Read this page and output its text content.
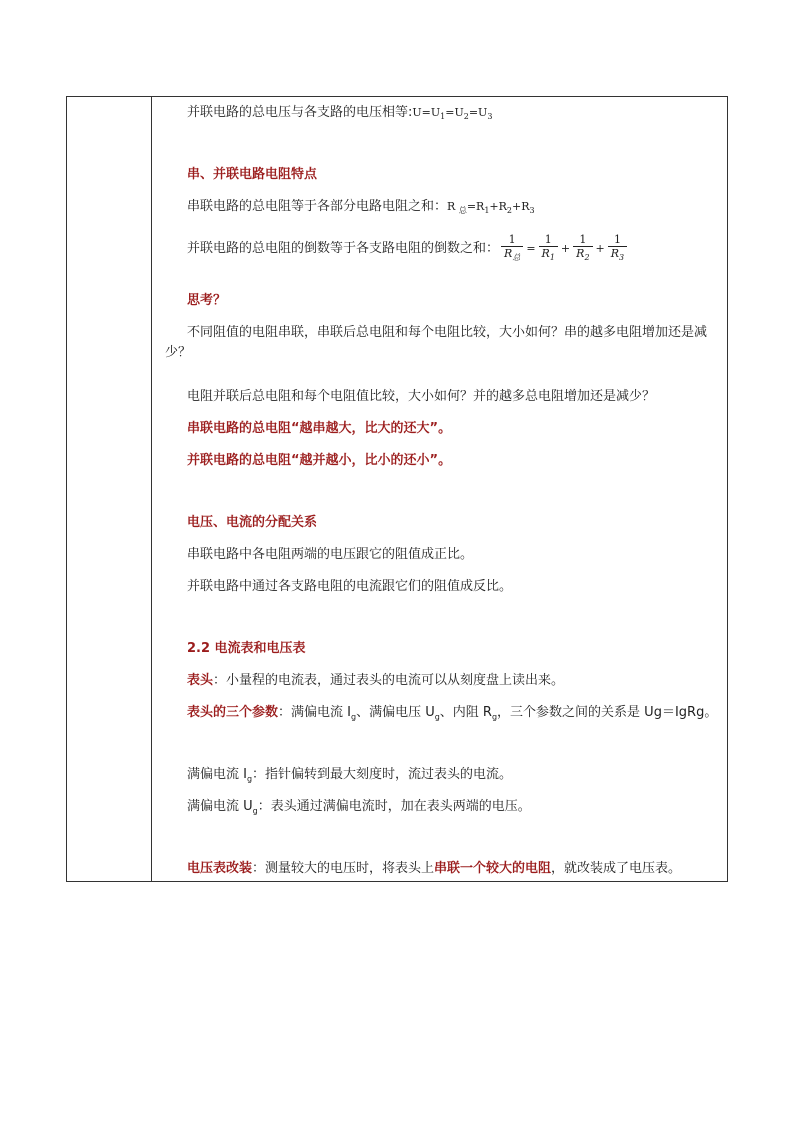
并联电路的总电压与各支路的电压相等$:U=U_1=U_2=U_3$
串、并联电路电阻特点
串联电路的总电阻等于各部分电路电阻之和：R $_总=R_1+R_2+R_3$
并联电路的总电阻的倒数等于各支路电阻的倒数之和： $\frac{1}{R_总} = \frac{1}{R_1} + \frac{1}{R_2} + \frac{1}{R_3}$
思考？
不同阻值的电阻串联，串联后总电阻和每个电阻比较，大小如何？串的越多电阻增加还是减少？
电阻并联后总电阻和每个电阻值比较，大小如何？并的越多总电阻增加还是减少？
串联电路的总电阻“越串越大，比大的还大”。
并联电路的总电阻“越并越小，比小的还小”。
电压、电流的分配关系
串联电路中各电阻两端的电压跟它的阻值成正比。
并联电路中通过各支路电阻的电流跟它们的阻值成反比。
2.2 电流表和电压表
表头：小量程的电流表，通过表头的电流可以从刻度盘上读出来。
表头的三个参数：满偏电流 $I_g$、满偏电压 $U_g$、内阻 $R_g$，三个参数之间的关系是 Ug＝IgRg。
满偏电流 $I_g$：指针偏转到最大刻度时，流过表头的电流。
满偏电流 $U_g$：表头通过满偏电流时，加在表头两端的电压。
电压表改装：测量较大的电压时，将表头上串联一个较大的电阻，就改装成了电压表。
